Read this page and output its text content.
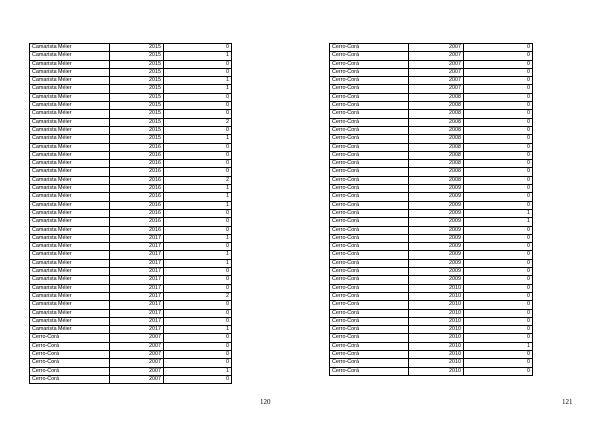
Camarista Méier	2015	0
Camarista Méier	2015	1
Camarista Méier	2015	0
Camarista Méier	2015	0
Camarista Méier	2015	1
Camarista Méier	2015	1
Camarista Méier	2015	0
Camarista Méier	2015	0
Camarista Méier	2015	0
Camarista Méier	2015	2
Camarista Méier	2015	0
Camarista Méier	2015	1
Camarista Méier	2016	0
Camarista Méier	2016	0
Camarista Méier	2016	0
Camarista Méier	2016	0
Camarista Méier	2016	2
Camarista Méier	2016	1
Camarista Méier	2016	1
Camarista Méier	2016	1
Camarista Méier	2016	0
Camarista Méier	2016	0
Camarista Méier	2016	0
Camarista Méier	2017	1
Camarista Méier	2017	0
Camarista Méier	2017	1
Camarista Méier	2017	1
Camarista Méier	2017	0
Camarista Méier	2017	0
Camarista Méier	2017	0
Camarista Méier	2017	2
Camarista Méier	2017	0
Camarista Méier	2017	0
Camarista Méier	2017	0
Camarista Méier	2017	1
Cerro-Corá	2007	0
Cerro-Corá	2007	0
Cerro-Corá	2007	0
Cerro-Corá	2007	0
Cerro-Corá	2007	1
Cerro-Corá	2007	0
Cerro-Corá	2007	0
Cerro-Corá	2007	0
Cerro-Corá	2007	0
Cerro-Corá	2007	0
Cerro-Corá	2007	0
Cerro-Corá	2007	0
Cerro-Corá	2008	0
Cerro-Corá	2008	0
Cerro-Corá	2008	0
Cerro-Corá	2008	0
Cerro-Corá	2008	0
Cerro-Corá	2008	0
Cerro-Corá	2008	0
Cerro-Corá	2008	0
Cerro-Corá	2008	0
Cerro-Corá	2008	0
Cerro-Corá	2008	0
Cerro-Corá	2009	0
Cerro-Corá	2009	0
Cerro-Corá	2009	0
Cerro-Corá	2009	1
Cerro-Corá	2009	1
Cerro-Corá	2009	0
Cerro-Corá	2009	0
Cerro-Corá	2009	0
Cerro-Corá	2009	0
Cerro-Corá	2009	0
Cerro-Corá	2009	0
Cerro-Corá	2009	0
Cerro-Corá	2010	0
Cerro-Corá	2010	0
Cerro-Corá	2010	0
Cerro-Corá	2010	0
Cerro-Corá	2010	0
Cerro-Corá	2010	0
Cerro-Corá	2010	0
Cerro-Corá	2010	1
Cerro-Corá	2010	0
Cerro-Corá	2010	0
Cerro-Corá	2010	0
120	121
